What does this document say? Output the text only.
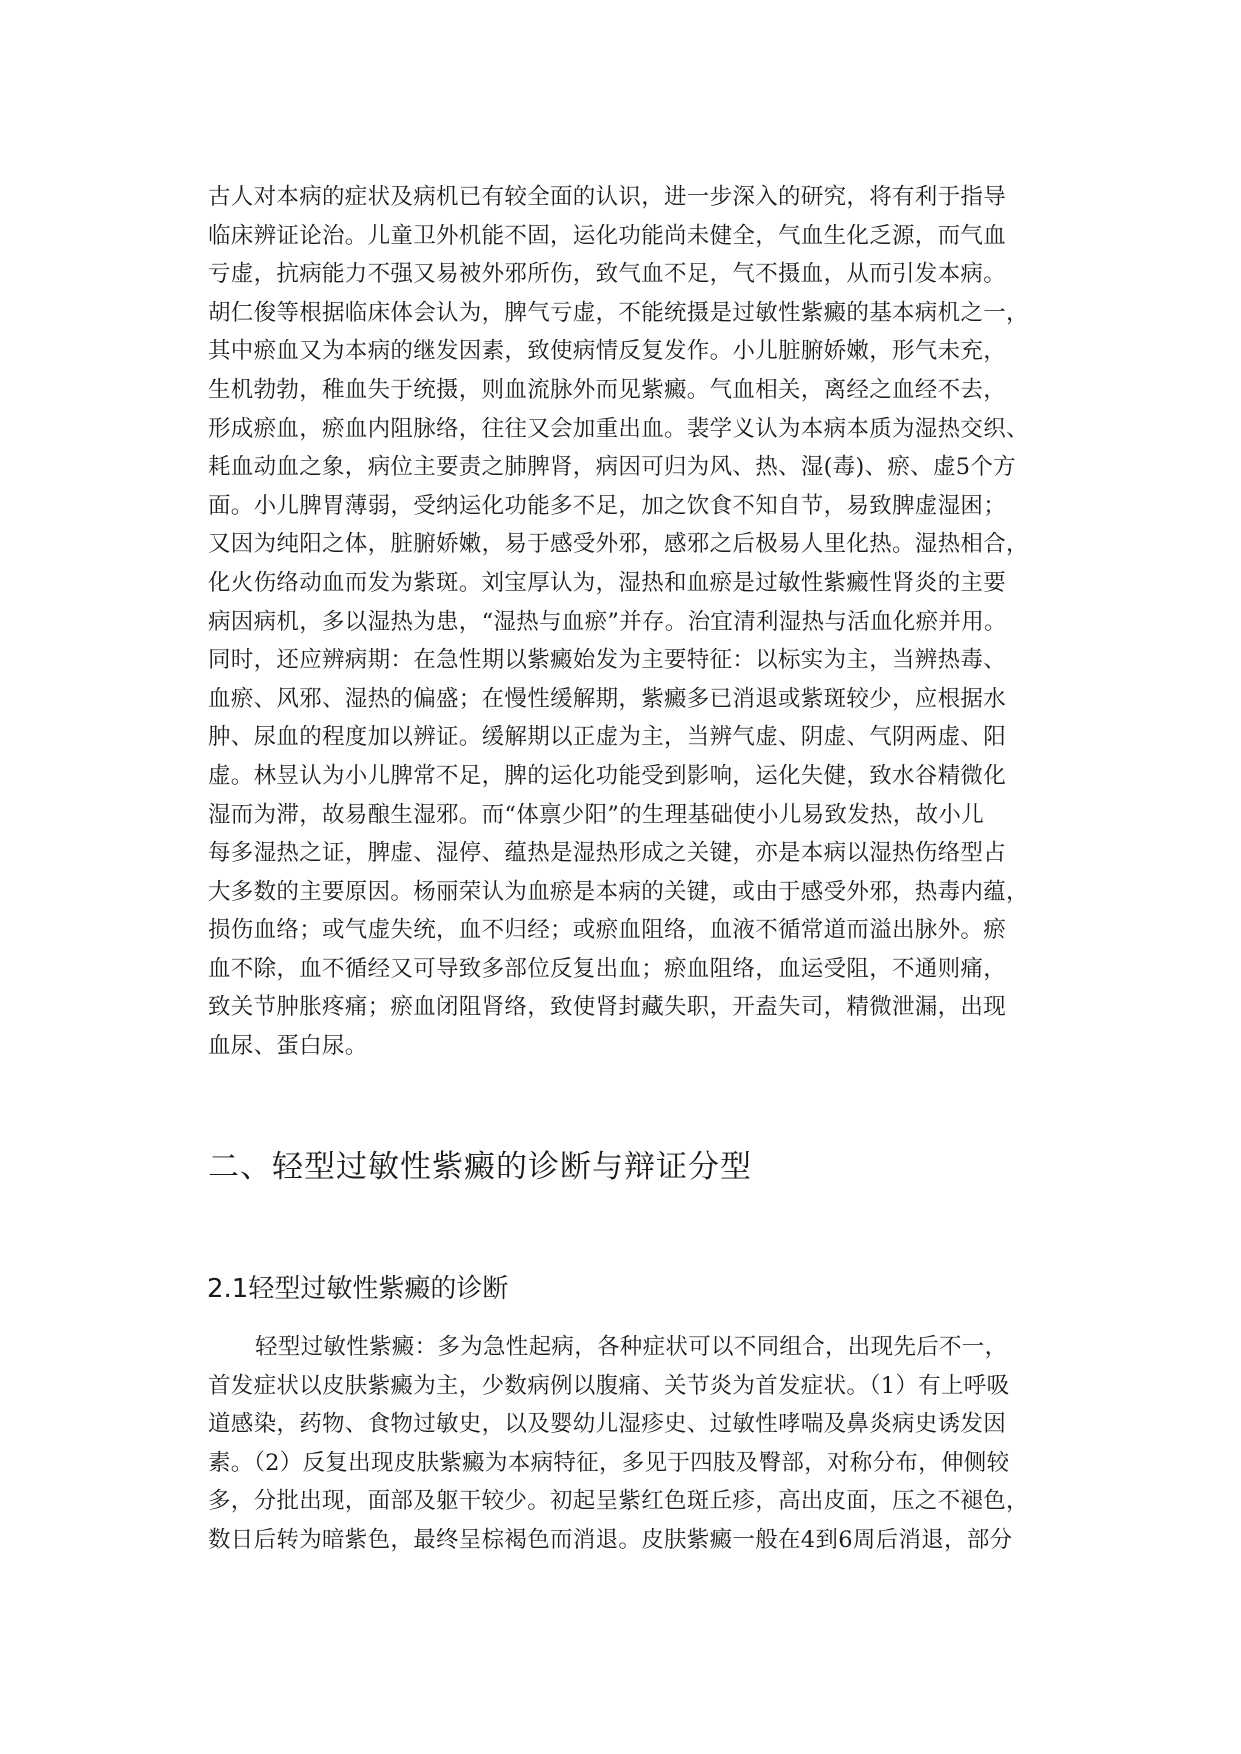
古人对本病的症状及病机已有较全面的认识，进一步深入的研究，将有利于指导
临床辨证论治。儿童卫外机能不固，运化功能尚未健全，气血生化乏源，而气血
亏虚，抗病能力不强又易被外邪所伤，致气血不足，气不摄血，从而引发本病。
胡仁俊等根据临床体会认为，脾气亏虚，不能统摄是过敏性紫癜的基本病机之一，
其中瘀血又为本病的继发因素，致使病情反复发作。小儿脏腑娇嫩，形气未充，
生机勃勃，稚血失于统摄，则血流脉外而见紫癜。气血相关，离经之血经不去，
形成瘀血，瘀血内阻脉络，往往又会加重出血。裴学义认为本病本质为湿热交织、
耗血动血之象，病位主要责之肺脾肾，病因可归为风、热、湿(毒)、瘀、虚5个方
面。小儿脾胃薄弱，受纳运化功能多不足，加之饮食不知自节，易致脾虚湿困；
又因为纯阳之体，脏腑娇嫩，易于感受外邪，感邪之后极易人里化热。湿热相合，
化火伤络动血而发为紫斑。刘宝厚认为，湿热和血瘀是过敏性紫癜性肾炎的主要
病因病机，多以湿热为患，“湿热与血瘀”并存。治宜清利湿热与活血化瘀并用。
同时，还应辨病期：在急性期以紫癜始发为主要特征：以标实为主，当辨热毒、
血瘀、风邪、湿热的偏盛；在慢性缓解期，紫癜多已消退或紫斑较少，应根据水
肿、尿血的程度加以辨证。缓解期以正虚为主，当辨气虚、阴虚、气阴两虚、阳
虚。林昱认为小儿脾常不足，脾的运化功能受到影响，运化失健，致水谷精微化
湿而为滞，故易酿生湿邪。而“体禀少阳”的生理基础使小儿易致发热，故小儿
每多湿热之证，脾虚、湿停、蕴热是湿热形成之关键，亦是本病以湿热伤络型占
大多数的主要原因。杨丽荣认为血瘀是本病的关键，或由于感受外邪，热毒内蕴，
损伤血络；或气虚失统，血不归经；或瘀血阻络，血液不循常道而溢出脉外。瘀
血不除，血不循经又可导致多部位反复出血；瘀血阻络，血运受阻，不通则痛，
致关节肿胀疼痛；瘀血闭阻肾络，致使肾封藏失职，开盍失司，精微泄漏，出现
血尿、蛋白尿。
二、轻型过敏性紫癜的诊断与辩证分型
2.1轻型过敏性紫癜的诊断
轻型过敏性紫癜：多为急性起病，各种症状可以不同组合，出现先后不一，
首发症状以皮肤紫癜为主，少数病例以腹痛、关节炎为首发症状。（1）有上呼吸
道感染，药物、食物过敏史，以及婴幼儿湿疹史、过敏性哮喘及鼻炎病史诱发因
素。（2）反复出现皮肤紫癜为本病特征，多见于四肢及臀部，对称分布，伸侧较
多，分批出现，面部及躯干较少。初起呈紫红色斑丘疹，高出皮面，压之不褪色，
数日后转为暗紫色，最终呈棕褐色而消退。皮肤紫癜一般在4到6周后消退，部分
